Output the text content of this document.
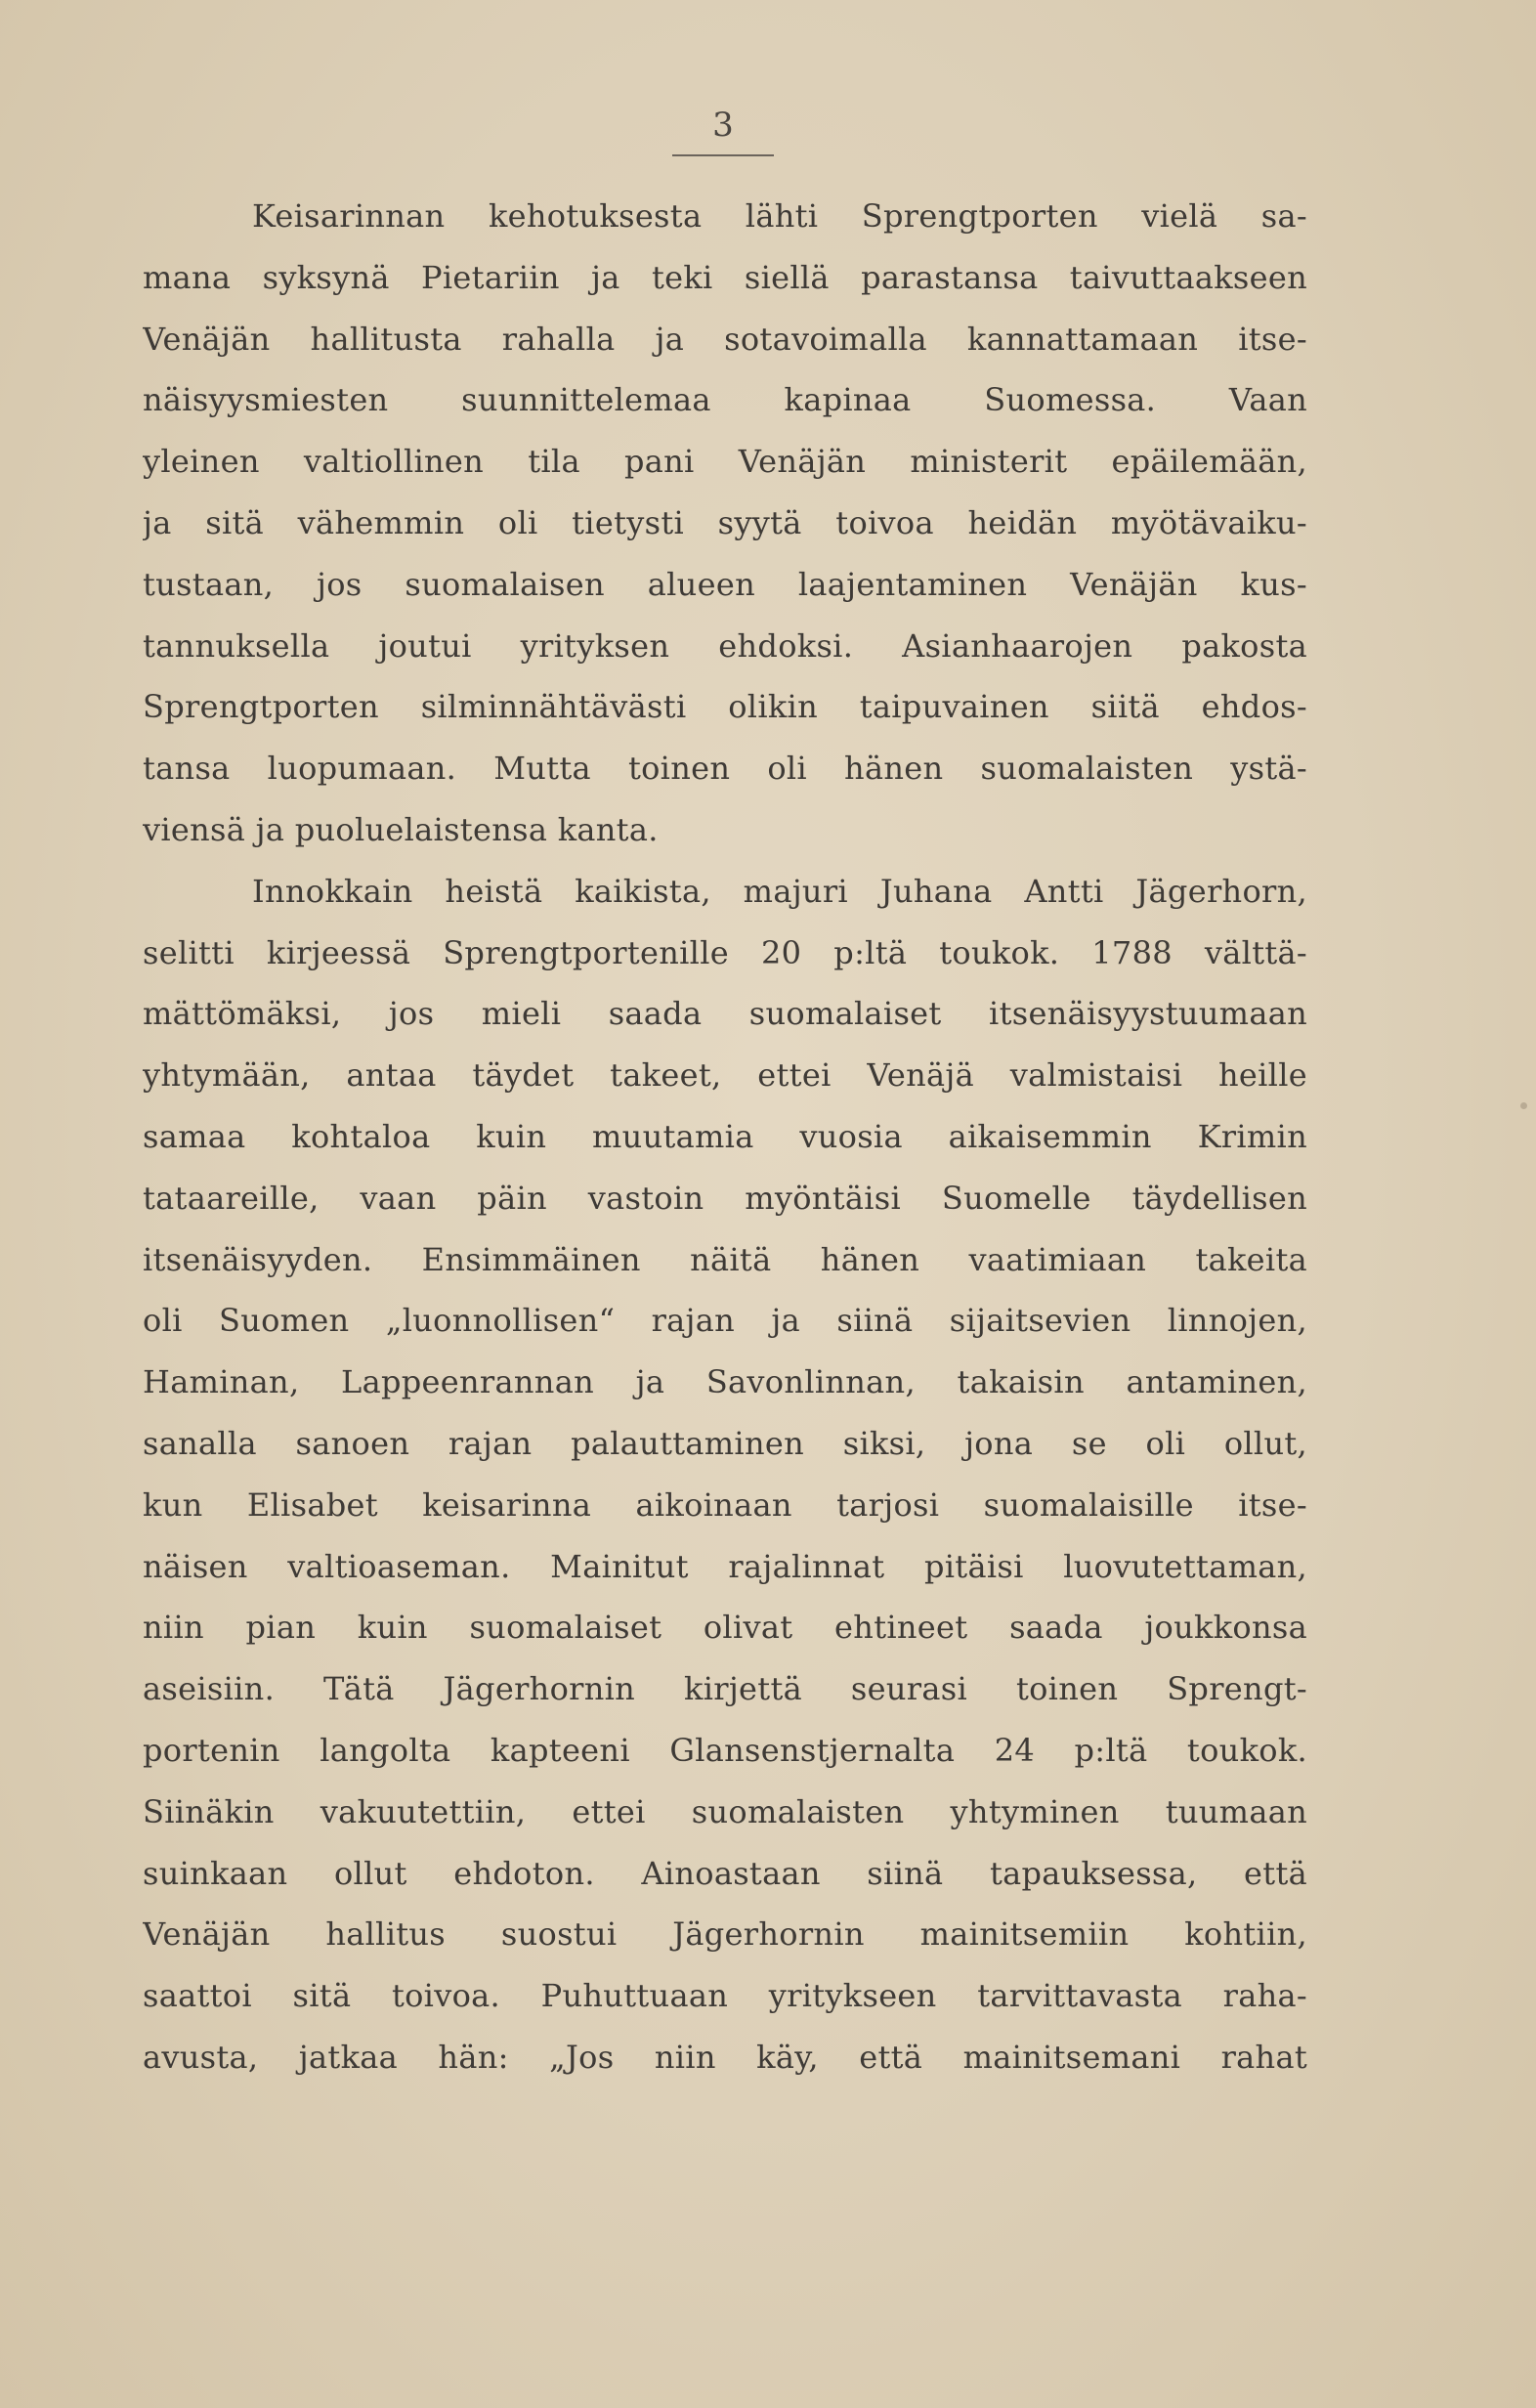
3
Keisarinnan kehotuksesta lähti Sprengtporten vielä sa-
mana syksynä Pietariin ja teki siellä parastansa taivuttaakseen
Venäjän hallitusta rahalla ja sotavoimalla kannattamaan itse-
näisyysmiesten suunnittelemaa kapinaa Suomessa. Vaan
yleinen valtiollinen tila pani Venäjän ministerit epäilemään,
ja sitä vähemmin oli tietysti syytä toivoa heidän myötävaiku-
tustaan, jos suomalaisen alueen laajentaminen Venäjän kus-
tannuksella joutui yrityksen ehdoksi. Asianhaarojen pakosta
Sprengtporten silminnähtävästi olikin taipuvainen siitä ehdos-
tansa luopumaan. Mutta toinen oli hänen suomalaisten ystä-
viensä ja puoluelaistensa kanta.
Innokkain heistä kaikista, majuri Juhana Antti Jägerhorn,
selitti kirjeessä Sprengtportenille 20 p:ltä toukok. 1788 välttä-
mättömäksi, jos mieli saada suomalaiset itsenäisyystuumaan
yhtymään, antaa täydet takeet, ettei Venäjä valmistaisi heille
samaa kohtaloa kuin muutamia vuosia aikaisemmin Krimin
tataareille, vaan päin vastoin myöntäisi Suomelle täydellisen
itsenäisyyden. Ensimmäinen näitä hänen vaatimiaan takeita
oli Suomen „luonnollisen“ rajan ja siinä sijaitsevien linnojen,
Haminan, Lappeenrannan ja Savonlinnan, takaisin antaminen,
sanalla sanoen rajan palauttaminen siksi, jona se oli ollut,
kun Elisabet keisarinna aikoinaan tarjosi suomalaisille itse-
näisen valtioaseman. Mainitut rajalinnat pitäisi luovutettaman,
niin pian kuin suomalaiset olivat ehtineet saada joukkonsa
aseisiin. Tätä Jägerhornin kirjettä seurasi toinen Sprengt-
portenin langolta kapteeni Glansenstjernalta 24 p:ltä toukok.
Siinäkin vakuutettiin, ettei suomalaisten yhtyminen tuumaan
suinkaan ollut ehdoton. Ainoastaan siinä tapauksessa, että
Venäjän hallitus suostui Jägerhornin mainitsemiin kohtiin,
saattoi sitä toivoa. Puhuttuaan yritykseen tarvittavasta raha-
avusta, jatkaa hän: „Jos niin käy, että mainitsemani rahat
